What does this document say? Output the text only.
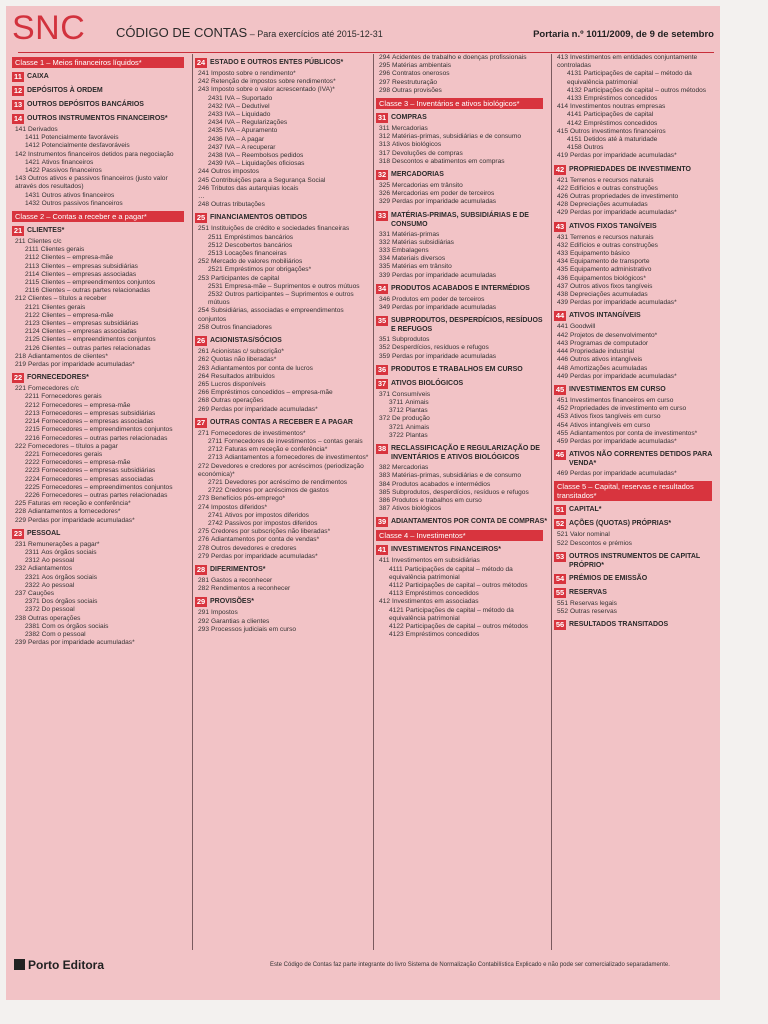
SNC CÓDIGO DE CONTAS – Para exercícios até 2015-12-31	Portaria n.º 1011/2009, de 9 de setembro
Classe 1 – Meios financeiros líquidos*
11 CAIXA
12 DEPÓSITOS À ORDEM
13 OUTROS DEPÓSITOS BANCÁRIOS
14 OUTROS INSTRUMENTOS FINANCEIROS*
141 Derivados
1411 Potencialmente favoráveis
1412 Potencialmente desfavoráveis
142 Instrumentos financeiros detidos para negociação
1421 Ativos financeiros
1422 Passivos financeiros
143 Outros ativos e passivos financeiros (justo valor através dos resultados)
1431 Outros ativos financeiros
1432 Outros passivos financeiros
Classe 2 – Contas a receber e a pagar*
21 CLIENTES*
211 Clientes c/c
2111 Clientes gerais
2112 Clientes – empresa-mãe
2113 Clientes – empresas subsidiárias
2114 Clientes – empresas associadas
2115 Clientes – empreendimentos conjuntos
2116 Clientes – outras partes relacionadas
212 Clientes – títulos a receber
2121 Clientes gerais
2122 Clientes – empresa-mãe
2123 Clientes – empresas subsidiárias
2124 Clientes – empresas associadas
2125 Clientes – empreendimentos conjuntos
2126 Clientes – outras partes relacionadas
218 Adiantamentos de clientes*
219 Perdas por imparidade acumuladas*
22 FORNECEDORES*
221 Fornecedores c/c
2211 Fornecedores gerais
2212 Fornecedores – empresa-mãe
2213 Fornecedores – empresas subsidiárias
2214 Fornecedores – empresas associadas
2215 Fornecedores – empreendimentos conjuntos
2216 Fornecedores – outras partes relacionadas
222 Fornecedores – títulos a pagar
2221 Fornecedores gerais
2222 Fornecedores – empresa-mãe
2223 Fornecedores – empresas subsidiárias
2224 Fornecedores – empresas associadas
2225 Fornecedores – empreendimentos conjuntos
2226 Fornecedores – outras partes relacionadas
225 Faturas em receção e conferência*
228 Adiantamentos a fornecedores*
229 Perdas por imparidade acumuladas*
23 PESSOAL
231 Remunerações a pagar*
2311 Aos órgãos sociais
2312 Ao pessoal
232 Adiantamentos
2321 Aos órgãos sociais
2322 Ao pessoal
237 Cauções
2371 Dos órgãos sociais
2372 Do pessoal
238 Outras operações
2381 Com os órgãos sociais
2382 Com o pessoal
239 Perdas por imparidade acumuladas*
24 ESTADO E OUTROS ENTES PÚBLICOS*
241 Imposto sobre o rendimento*
242 Retenção de impostos sobre rendimentos*
243 Imposto sobre o valor acrescentado (IVA)*
2431 IVA – Suportado
2432 IVA – Dedutível
2433 IVA – Liquidado
2434 IVA – Regularizações
2435 IVA – Apuramento
2436 IVA – A pagar
2437 IVA – A recuperar
2438 IVA – Reembolsos pedidos
2439 IVA – Liquidações oficiosas
244 Outros impostos
245 Contribuições para a Segurança Social
246 Tributos das autarquias locais
…
248 Outras tributações
25 FINANCIAMENTOS OBTIDOS
251 Instituições de crédito e sociedades financeiras
2511 Empréstimos bancários
2512 Descobertos bancários
2513 Locações financeiras
252 Mercado de valores mobiliários
2521 Empréstimos por obrigações*
253 Participantes de capital
2531 Empresa-mãe – Suprimentos e outros mútuos
2532 Outros participantes – Suprimentos e outros mútuos
254 Subsidiárias, associadas e empreendimentos conjuntos
258 Outros financiadores
26 ACIONISTAS/SÓCIOS
261 Acionistas c/ subscrição*
262 Quotas não liberadas*
263 Adiantamentos por conta de lucros
264 Resultados atribuídos
265 Lucros disponíveis
266 Empréstimos concedidos – empresa-mãe
268 Outras operações
269 Perdas por imparidade acumuladas*
27 OUTRAS CONTAS A RECEBER E A PAGAR
271 Fornecedores de investimentos*
2711 Fornecedores de investimentos – contas gerais
2712 Faturas em receção e conferência*
2713 Adiantamentos a fornecedores de investimentos*
272 Devedores e credores por acréscimos (periodização económica)*
2721 Devedores por acréscimo de rendimentos
2722 Credores por acréscimos de gastos
273 Benefícios pós-emprego*
274 Impostos diferidos*
2741 Ativos por impostos diferidos
2742 Passivos por impostos diferidos
275 Credores por subscrições não liberadas*
276 Adiantamentos por conta de vendas*
278 Outros devedores e credores
279 Perdas por imparidade acumuladas*
28 DIFERIMENTOS*
281 Gastos a reconhecer
282 Rendimentos a reconhecer
29 PROVISÕES*
291 Impostos
292 Garantias a clientes
293 Processos judiciais em curso
294 Acidentes de trabalho e doenças profissionais
295 Matérias ambientais
296 Contratos onerosos
297 Reestruturação
298 Outras provisões
Classe 3 – Inventários e ativos biológicos*
31 COMPRAS
311 Mercadorias
312 Matérias-primas, subsidiárias e de consumo
313 Ativos biológicos
317 Devoluções de compras
318 Descontos e abatimentos em compras
32 MERCADORIAS
325 Mercadorias em trânsito
326 Mercadorias em poder de terceiros
329 Perdas por imparidade acumuladas
33 MATÉRIAS-PRIMAS, SUBSIDIÁRIAS E DE CONSUMO
331 Matérias-primas
332 Matérias subsidiárias
333 Embalagens
334 Materiais diversos
335 Matérias em trânsito
339 Perdas por imparidade acumuladas
34 PRODUTOS ACABADOS E INTERMÉDIOS
346 Produtos em poder de terceiros
349 Perdas por imparidade acumuladas
35 SUBPRODUTOS, DESPERDÍCIOS, RESÍDUOS E REFUGOS
351 Subprodutos
352 Desperdícios, resíduos e refugos
359 Perdas por imparidade acumuladas
36 PRODUTOS E TRABALHOS EM CURSO
37 ATIVOS BIOLÓGICOS
371 Consumíveis
3711 Animais
3712 Plantas
372 De produção
3721 Animais
3722 Plantas
38 RECLASSIFICAÇÃO E REGULARIZAÇÃO DE INVENTÁRIOS E ATIVOS BIOLÓGICOS
382 Mercadorias
383 Matérias-primas, subsidiárias e de consumo
384 Produtos acabados e intermédios
385 Subprodutos, desperdícios, resíduos e refugos
386 Produtos e trabalhos em curso
387 Ativos biológicos
39 ADIANTAMENTOS POR CONTA DE COMPRAS*
Classe 4 – Investimentos*
41 INVESTIMENTOS FINANCEIROS*
411 Investimentos em subsidiárias
4111 Participações de capital – método da equivalência patrimonial
4112 Participações de capital – outros métodos
4113 Empréstimos concedidos
412 Investimentos em associadas
4121 Participações de capital – método da equivalência patrimonial
4122 Participações de capital – outros métodos
4123 Empréstimos concedidos
413 Investimentos em entidades conjuntamente controladas
4131 Participações de capital – método da equivalência patrimonial
4132 Participações de capital – outros métodos
4133 Empréstimos concedidos
414 Investimentos noutras empresas
4141 Participações de capital
4142 Empréstimos concedidos
415 Outros investimentos financeiros
4151 Detidos até à maturidade
4158 Outros
419 Perdas por imparidade acumuladas*
42 PROPRIEDADES DE INVESTIMENTO
421 Terrenos e recursos naturais
422 Edifícios e outras construções
426 Outras propriedades de investimento
428 Depreciações acumuladas
429 Perdas por imparidade acumuladas*
43 ATIVOS FIXOS TANGÍVEIS
431 Terrenos e recursos naturais
432 Edifícios e outras construções
433 Equipamento básico
434 Equipamento de transporte
435 Equipamento administrativo
436 Equipamentos biológicos*
437 Outros ativos fixos tangíveis
438 Depreciações acumuladas
439 Perdas por imparidade acumuladas*
44 ATIVOS INTANGÍVEIS
441 Goodwill
442 Projetos de desenvolvimento*
443 Programas de computador
444 Propriedade industrial
446 Outros ativos intangíveis
448 Amortizações acumuladas
449 Perdas por imparidade acumuladas*
45 INVESTIMENTOS EM CURSO
451 Investimentos financeiros em curso
452 Propriedades de investimento em curso
453 Ativos fixos tangíveis em curso
454 Ativos intangíveis em curso
455 Adiantamentos por conta de investimentos*
459 Perdas por imparidade acumuladas*
46 ATIVOS NÃO CORRENTES DETIDOS PARA VENDA*
469 Perdas por imparidade acumuladas*
Classe 5 – Capital, reservas e resultados transitados*
51 CAPITAL*
52 AÇÕES (QUOTAS) PRÓPRIAS*
521 Valor nominal
522 Descontos e prémios
53 OUTROS INSTRUMENTOS DE CAPITAL PRÓPRIO*
54 PRÉMIOS DE EMISSÃO
55 RESERVAS
551 Reservas legais
552 Outras reservas
56 RESULTADOS TRANSITADOS
Porto Editora	Este Código de Contas faz parte integrante do livro Sistema de Normalização Contabilística Explicado e não pode ser comercializado separadamente.
